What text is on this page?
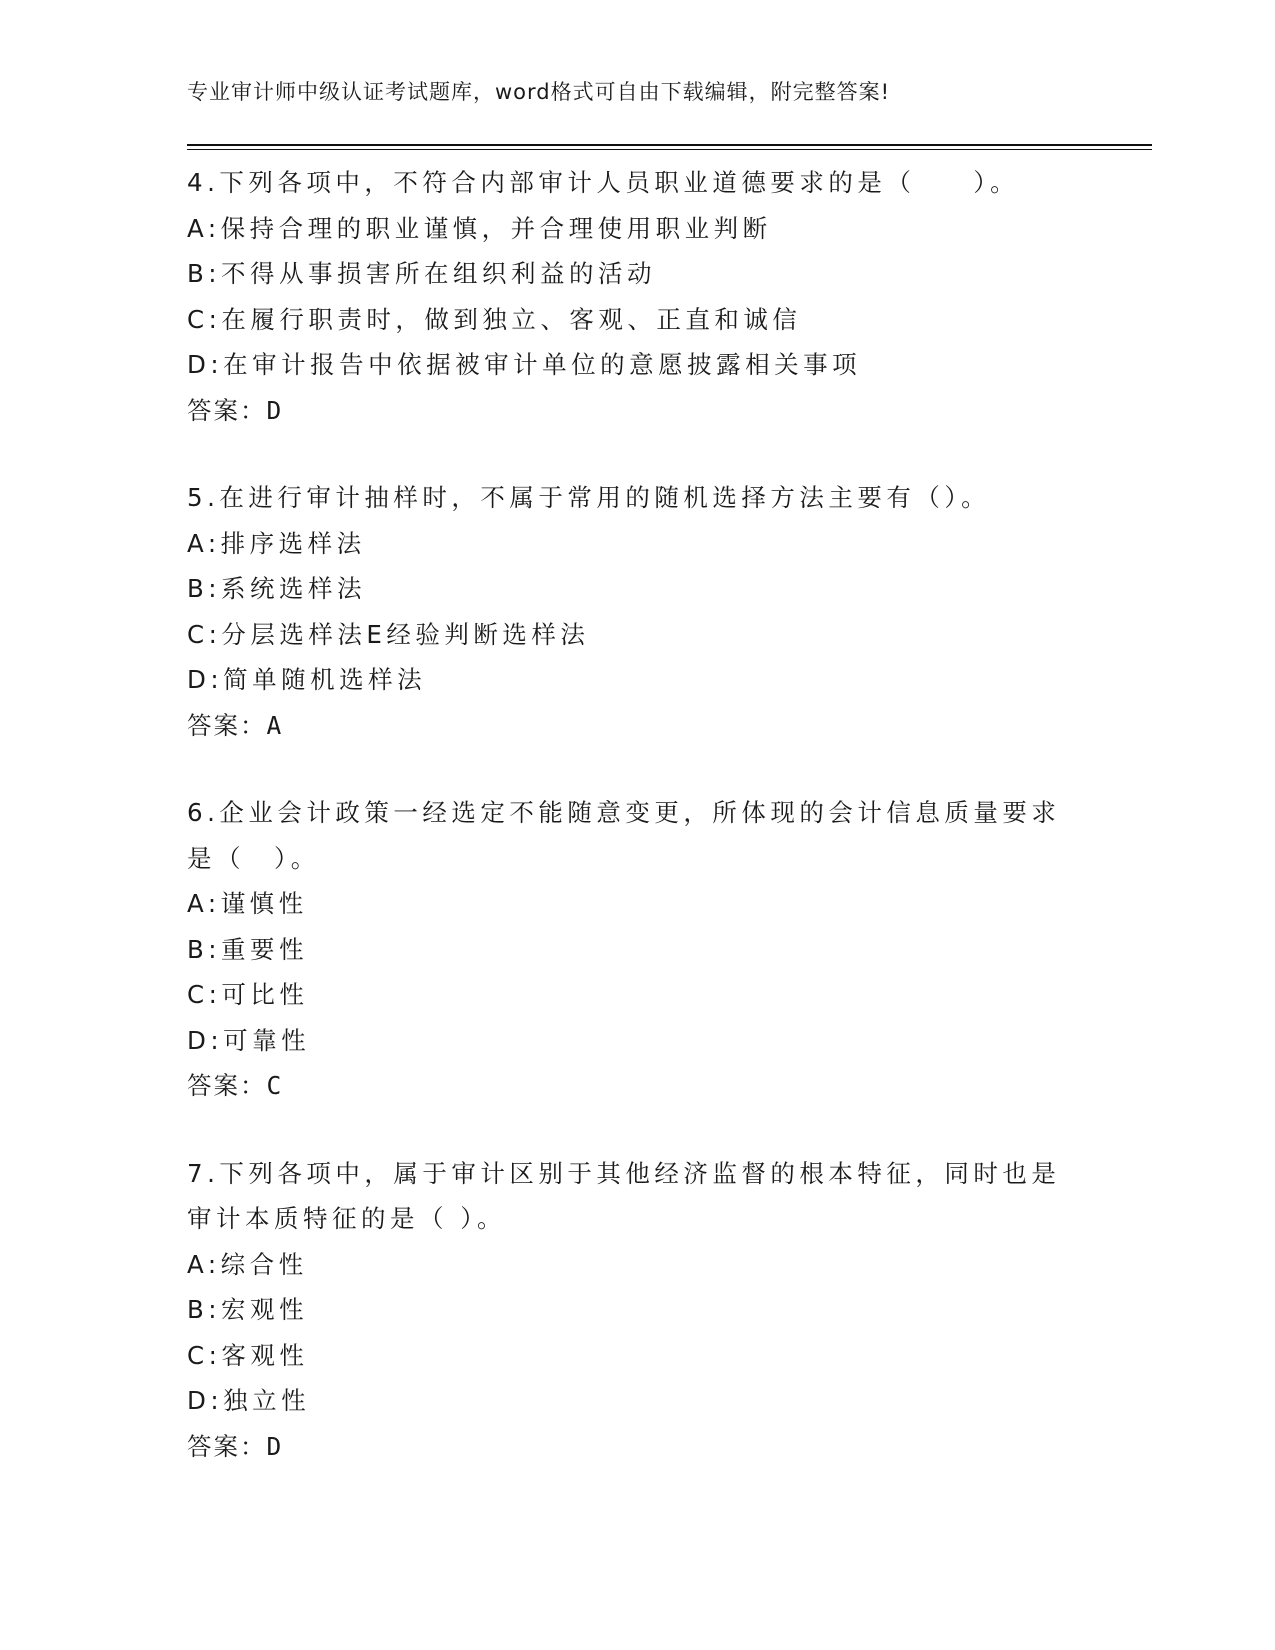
专业审计师中级认证考试题库，word格式可自由下载编辑，附完整答案!

4.下列各项中，不符合内部审计人员职业道德要求的是（　　）。

A:保持合理的职业谨慎，并合理使用职业判断

B:不得从事损害所在组织利益的活动

C:在履行职责时，做到独立、客观、正直和诚信

D:在审计报告中依据被审计单位的意愿披露相关事项

答案：D

5.在进行审计抽样时，不属于常用的随机选择方法主要有（）。

A:排序选样法

B:系统选样法

C:分层选样法E经验判断选样法

D:简单随机选样法

答案：A

6.企业会计政策一经选定不能随意变更，所体现的会计信息质量要求

是（　）。

A:谨慎性

B:重要性

C:可比性

D:可靠性

答案：C

7.下列各项中，属于审计区别于其他经济监督的根本特征，同时也是

审计本质特征的是（ ）。

A:综合性

B:宏观性

C:客观性

D:独立性

答案：D
